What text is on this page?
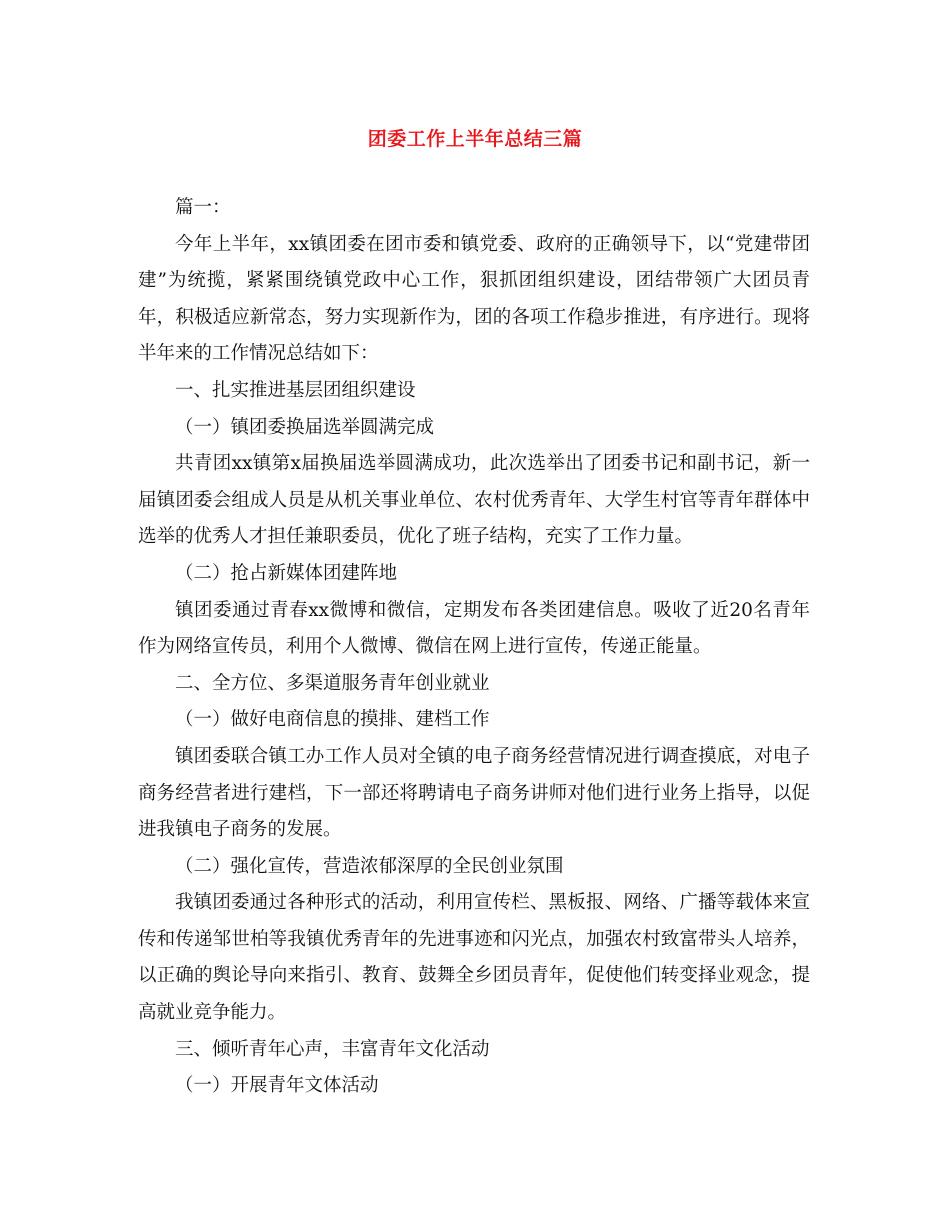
团委工作上半年总结三篇

篇一：

今年上半年，xx镇团委在团市委和镇党委、政府的正确领导下，以“党建带团建”为统揽，紧紧围绕镇党政中心工作，狠抓团组织建设，团结带领广大团员青年，积极适应新常态，努力实现新作为，团的各项工作稳步推进，有序进行。现将半年来的工作情况总结如下：

一、扎实推进基层团组织建设

（一）镇团委换届选举圆满完成

共青团xx镇第x届换届选举圆满成功，此次选举出了团委书记和副书记，新一届镇团委会组成人员是从机关事业单位、农村优秀青年、大学生村官等青年群体中选举的优秀人才担任兼职委员，优化了班子结构，充实了工作力量。

（二）抢占新媒体团建阵地

镇团委通过青春xx微博和微信，定期发布各类团建信息。吸收了近20名青年作为网络宣传员，利用个人微博、微信在网上进行宣传，传递正能量。

二、全方位、多渠道服务青年创业就业

（一）做好电商信息的摸排、建档工作

镇团委联合镇工办工作人员对全镇的电子商务经营情况进行调查摸底，对电子商务经营者进行建档，下一部还将聘请电子商务讲师对他们进行业务上指导，以促进我镇电子商务的发展。

（二）强化宣传，营造浓郁深厚的全民创业氛围

我镇团委通过各种形式的活动，利用宣传栏、黑板报、网络、广播等载体来宣传和传递邹世柏等我镇优秀青年的先进事迹和闪光点，加强农村致富带头人培养，以正确的舆论导向来指引、教育、鼓舞全乡团员青年，促使他们转变择业观念，提高就业竞争能力。

三、倾听青年心声，丰富青年文化活动

（一）开展青年文体活动
